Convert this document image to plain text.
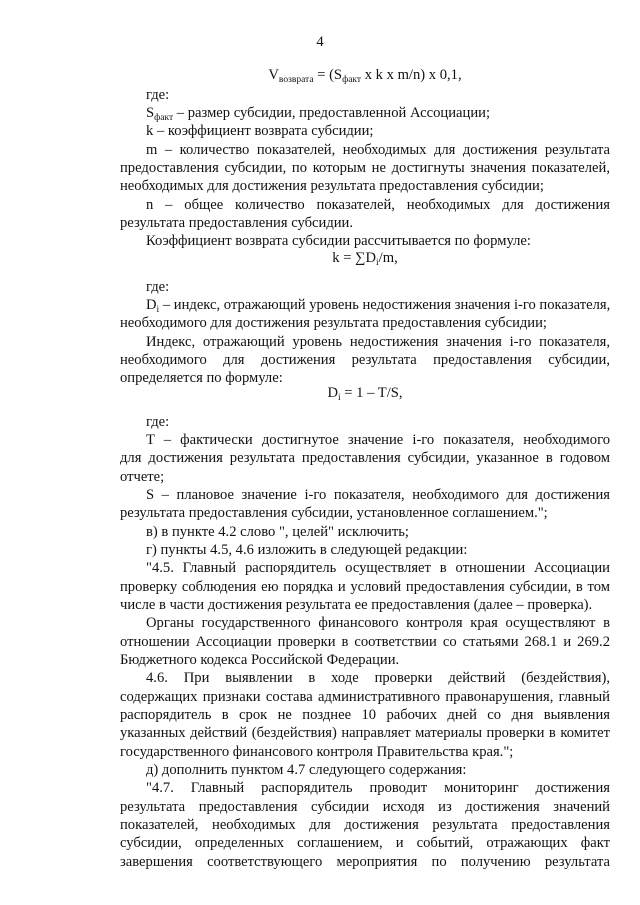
4
$V_{возврата} = (S_{факт}$ x k x m/n) x 0,1,
где:
$S_{факт}$ – размер субсидии, предоставленной Ассоциации;
k – коэффициент возврата субсидии;
m – количество показателей, необходимых для достижения результата
предоставления субсидии, по которым не достигнуты значения показателей,
необходимых для достижения результата предоставления субсидии;
n – общее количество показателей, необходимых для достижения
результата предоставления субсидии.
Коэффициент возврата субсидии рассчитывается по формуле:
$k = \sum D_i/m$,
где:
$D_i$ – индекс, отражающий уровень недостижения значения i-го показателя,
необходимого для достижения результата предоставления субсидии;
Индекс, отражающий уровень недостижения значения i-го показателя,
необходимого для достижения результата предоставления субсидии,
определяется по формуле:
$D_i = 1 - T/S$,
где:
T – фактически достигнутое значение i-го показателя, необходимого
для достижения результата предоставления субсидии, указанное в годовом
отчете;
S – плановое значение i-го показателя, необходимого для достижения
результата предоставления субсидии, установленное соглашением.";
в) в пункте 4.2 слово ", целей" исключить;
г) пункты 4.5, 4.6 изложить в следующей редакции:
"4.5. Главный распорядитель осуществляет в отношении Ассоциации
проверку соблюдения ею порядка и условий предоставления субсидии, в том
числе в части достижения результата ее предоставления (далее – проверка).
Органы государственного финансового контроля края осуществляют в
отношении Ассоциации проверки в соответствии со статьями 268.1 и 269.2
Бюджетного кодекса Российской Федерации.
4.6. При выявлении в ходе проверки действий (бездействия),
содержащих признаки состава административного правонарушения, главный
распорядитель в срок не позднее 10 рабочих дней со дня выявления
указанных действий (бездействия) направляет материалы проверки в комитет
государственного финансового контроля Правительства края.";
д) дополнить пунктом 4.7 следующего содержания:
"4.7. Главный распорядитель проводит мониторинг достижения
результата предоставления субсидии исходя из достижения значений
показателей, необходимых для достижения результата предоставления
субсидии, определенных соглашением, и событий, отражающих факт
завершения соответствующего мероприятия по получению результата
